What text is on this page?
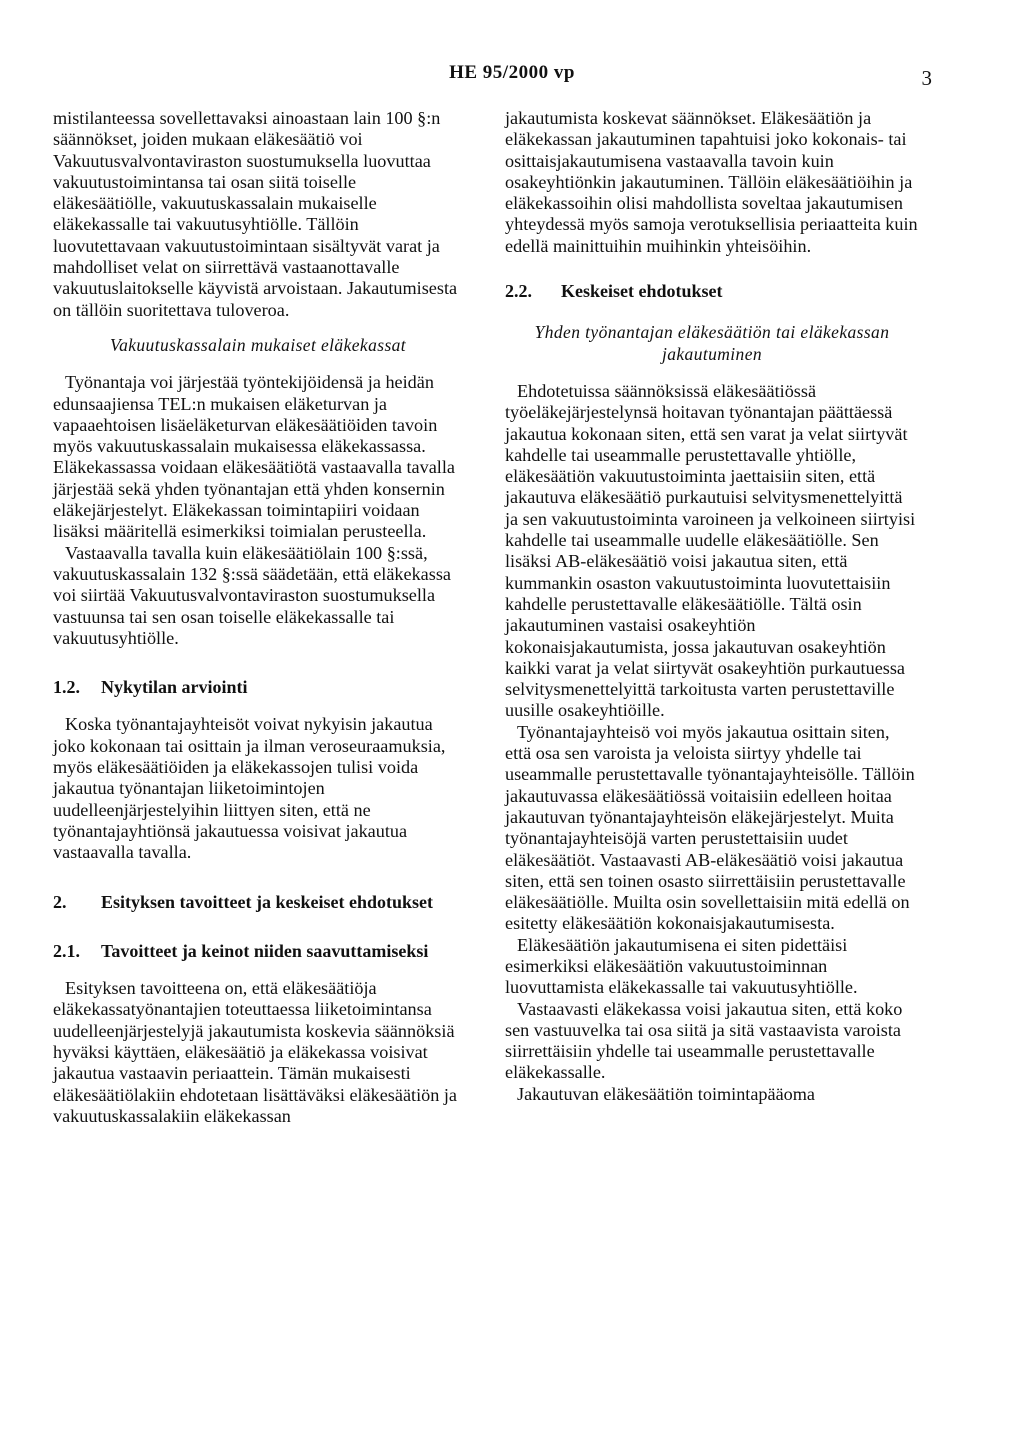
HE 95/2000 vp	3

mistilanteessa sovellettavaksi ainoastaan lain 100 §:n säännökset, joiden mukaan eläkesäätiö voi Vakuutusvalvontaviraston suostumuksella luovuttaa vakuutustoimintansa tai osan siitä toiselle eläkesäätiölle, vakuutuskassalain mukaiselle eläkekassalle tai vakuutusyhtiölle. Tällöin luovutettavaan vakuutustoimintaan sisältyvät varat ja mahdolliset velat on siirrettävä vastaanottavalle vakuutuslaitokselle käyvistä arvoistaan. Jakautumisesta on tällöin suoritettava tuloveroa.

Vakuutuskassalain mukaiset eläkekassat

Työnantaja voi järjestää työntekijöidensä ja heidän edunsaajiensa TEL:n mukaisen eläketurvan ja vapaaehtoisen lisäeläketurvan eläkesäätiöiden tavoin myös vakuutuskassalain mukaisessa eläkekassassa. Eläkekassassa voidaan eläkesäätiötä vastaavalla tavalla järjestää sekä yhden työnantajan että yhden konsernin eläkejärjestelyt. Eläkekassan toimintapiiri voidaan lisäksi määritellä esimerkiksi toimialan perusteella.

Vastaavalla tavalla kuin eläkesäätiölain 100 §:ssä, vakuutuskassalain 132 §:ssä säädetään, että eläkekassa voi siirtää Vakuutusvalvontaviraston suostumuksella vastuunsa tai sen osan toiselle eläkekassalle tai vakuutusyhtiölle.

1.2.	Nykytilan arviointi

Koska työnantajayhteisöt voivat nykyisin jakautua joko kokonaan tai osittain ja ilman veroseuraamuksia, myös eläkesäätiöiden ja eläkekassojen tulisi voida jakautua työnantajan liiketoimintojen uudelleenjärjestelyihin liittyen siten, että ne työnantajayhtiönsä jakautuessa voisivat jakautua vastaavalla tavalla.

2.	Esityksen tavoitteet ja keskeiset ehdotukset
2.1.	Tavoitteet ja keinot niiden saavuttamiseksi

Esityksen tavoitteena on, että eläkesäätiöja eläkekassatyönantajien toteuttaessa liiketoimintansa uudelleenjärjestelyjä jakautumista koskevia säännöksiä hyväksi käyttäen, eläkesäätiö ja eläkekassa voisivat jakautua vastaavin periaattein. Tämän mukaisesti eläkesäätiölakiin ehdotetaan lisättäväksi eläkesäätiön ja vakuutuskassalakiin eläkekassan

jakautumista koskevat säännökset. Eläkesäätiön ja eläkekassan jakautuminen tapahtuisi joko kokonais- tai osittaisjakautumisena vastaavalla tavoin kuin osakeyhtiönkin jakautuminen. Tällöin eläkesäätiöihin ja eläkekassoihin olisi mahdollista soveltaa jakautumisen yhteydessä myös samoja verotuksellisia periaatteita kuin edellä mainittuihin muihinkin yhteisöihin.

2.2.	Keskeiset ehdotukset
Yhden työnantajan eläkesäätiön tai eläkekassan jakautuminen

Ehdotetuissa säännöksissä eläkesäätiössä työeläkejärjestelynsä hoitavan työnantajan päättäessä jakautua kokonaan siten, että sen varat ja velat siirtyvät kahdelle tai useammalle perustettavalle yhtiölle, eläkesäätiön vakuutustoiminta jaettaisiin siten, että jakautuva eläkesäätiö purkautuisi selvitysmenettelyittä ja sen vakuutustoiminta varoineen ja velkoineen siirtyisi kahdelle tai useammalle uudelle eläkesäätiölle. Sen lisäksi AB-eläkesäätiö voisi jakautua siten, että kummankin osaston vakuutustoiminta luovutettaisiin kahdelle perustettavalle eläkesäätiölle. Tältä osin jakautuminen vastaisi osakeyhtiön kokonaisjakautumista, jossa jakautuvan osakeyhtiön kaikki varat ja velat siirtyvät osakeyhtiön purkautuessa selvitysmenettelyittä tarkoitusta varten perustettaville uusille osakeyhtiöille.

Työnantajayhteisö voi myös jakautua osittain siten, että osa sen varoista ja veloista siirtyy yhdelle tai useammalle perustettavalle työnantajayhteisölle. Tällöin jakautuvassa eläkesäätiössä voitaisiin edelleen hoitaa jakautuvan työnantajayhteisön eläkejärjestelyt. Muita työnantajayhteisöjä varten perustettaisiin uudet eläkesäätiöt. Vastaavasti AB-eläkesäätiö voisi jakautua siten, että sen toinen osasto siirrettäisiin perustettavalle eläkesäätiölle. Muilta osin sovellettaisiin mitä edellä on esitetty eläkesäätiön kokonaisjakautumisesta.

Eläkesäätiön jakautumisena ei siten pidettäisi esimerkiksi eläkesäätiön vakuutustoiminnan luovuttamista eläkekassalle tai vakuutusyhtiölle.

Vastaavasti eläkekassa voisi jakautua siten, että koko sen vastuuvelka tai osa siitä ja sitä vastaavista varoista siirrettäisiin yhdelle tai useammalle perustettavalle eläkekassalle.

Jakautuvan eläkesäätiön toimintapääoma
